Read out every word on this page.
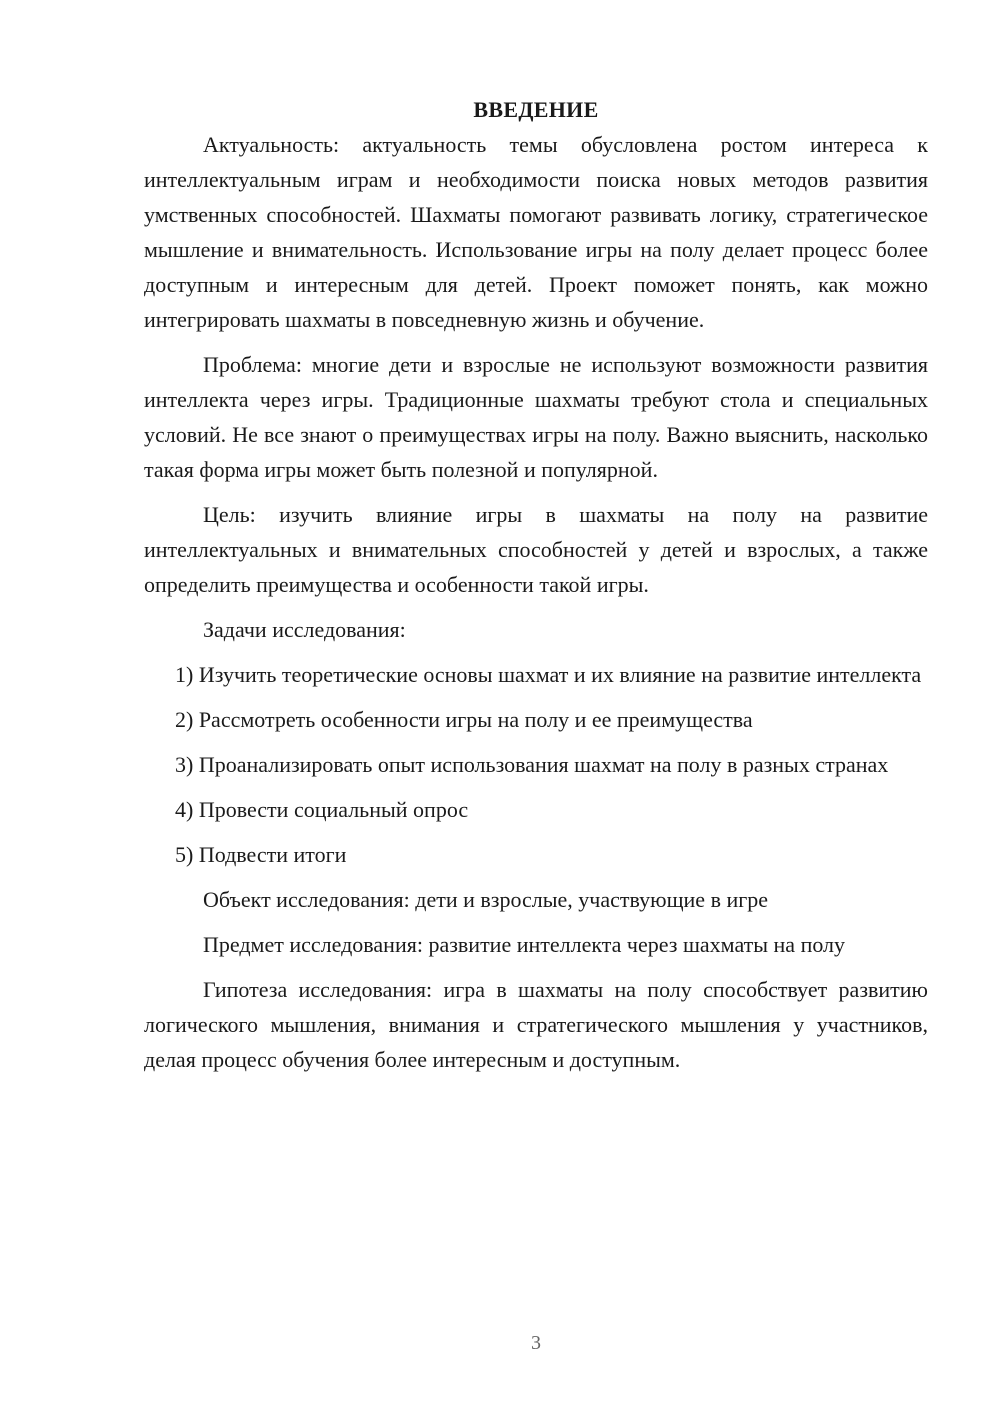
ВВЕДЕНИЕ

Актуальность: актуальность темы обусловлена ростом интереса к интеллектуальным играм и необходимости поиска новых методов развития умственных способностей. Шахматы помогают развивать логику, стратегическое мышление и внимательность. Использование игры на полу делает процесс более доступным и интересным для детей. Проект поможет понять, как можно интегрировать шахматы в повседневную жизнь и обучение.

Проблема: многие дети и взрослые не используют возможности развития интеллекта через игры. Традиционные шахматы требуют стола и специальных условий. Не все знают о преимуществах игры на полу. Важно выяснить, насколько такая форма игры может быть полезной и популярной.

Цель: изучить влияние игры в шахматы на полу на развитие интеллектуальных и внимательных способностей у детей и взрослых, а также определить преимущества и особенности такой игры.

Задачи исследования:

1) Изучить теоретические основы шахмат и их влияние на развитие интеллекта

2) Рассмотреть особенности игры на полу и ее преимущества

3) Проанализировать опыт использования шахмат на полу в разных странах

4) Провести социальный опрос

5) Подвести итоги

Объект исследования: дети и взрослые, участвующие в игре

Предмет исследования: развитие интеллекта через шахматы на полу

Гипотеза исследования: игра в шахматы на полу способствует развитию логического мышления, внимания и стратегического мышления у участников, делая процесс обучения более интересным и доступным.

3
